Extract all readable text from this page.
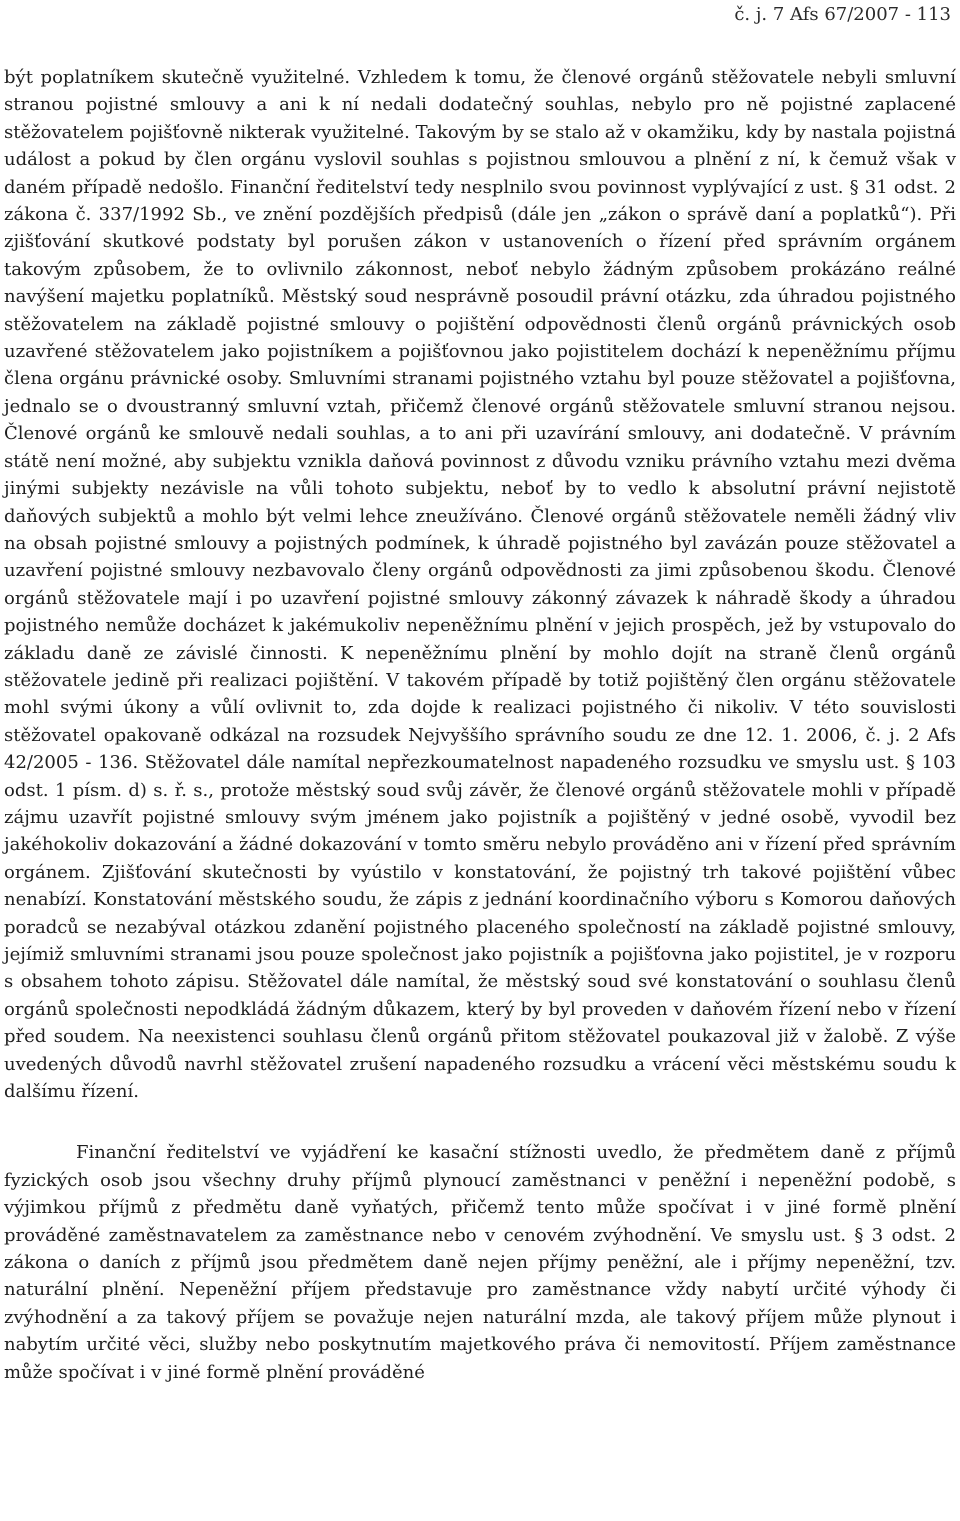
č. j. 7 Afs 67/2007 - 113

být poplatníkem skutečně využitelné. Vzhledem k tomu, že členové orgánů stěžovatele nebyli smluvní stranou pojistné smlouvy a ani k ní nedali dodatečný souhlas, nebylo pro ně pojistné zaplacené stěžovatelem pojišťovně nikterak využitelné. Takovým by se stalo až v okamžiku, kdy by nastala pojistná událost a pokud by člen orgánu vyslovil souhlas s pojistnou smlouvou a plnění z ní, k čemuž však v daném případě nedošlo. Finanční ředitelství tedy nesplnilo svou povinnost vyplývající z ust. § 31 odst. 2 zákona č. 337/1992 Sb., ve znění pozdějších předpisů (dále jen „zákon o správě daní a poplatků“). Při zjišťování skutkové podstaty byl porušen zákon v ustanoveních o řízení před správním orgánem takovým způsobem, že to ovlivnilo zákonnost, neboť nebylo žádným způsobem prokázáno reálné navýšení majetku poplatníků. Městský soud nesprávně posoudil právní otázku, zda úhradou pojistného stěžovatelem na základě pojistné smlouvy o pojištění odpovědnosti členů orgánů právnických osob uzavřené stěžovatelem jako pojistníkem a pojišťovnou jako pojistitelem dochází k nepeněžnímu příjmu člena orgánu právnické osoby. Smluvními stranami pojistného vztahu byl pouze stěžovatel a pojišťovna, jednalo se o dvoustranný smluvní vztah, přičemž členové orgánů stěžovatele smluvní stranou nejsou. Členové orgánů ke smlouvě nedali souhlas, a to ani při uzavírání smlouvy, ani dodatečně. V právním státě není možné, aby subjektu vznikla daňová povinnost z důvodu vzniku právního vztahu mezi dvěma jinými subjekty nezávisle na vůli tohoto subjektu, neboť by to vedlo k absolutní právní nejistotě daňových subjektů a mohlo být velmi lehce zneužíváno. Členové orgánů stěžovatele neměli žádný vliv na obsah pojistné smlouvy a pojistných podmínek, k úhradě pojistného byl zavázán pouze stěžovatel a uzavření pojistné smlouvy nezbavovalo členy orgánů odpovědnosti za jimi způsobenou škodu. Členové orgánů stěžovatele mají i po uzavření pojistné smlouvy zákonný závazek k náhradě škody a úhradou pojistného nemůže docházet k jakémukoliv nepeněžnímu plnění v jejich prospěch, jež by vstupovalo do základu daně ze závislé činnosti. K nepeněžnímu plnění by mohlo dojít na straně členů orgánů stěžovatele jedině při realizaci pojištění. V takovém případě by totiž pojištěný člen orgánu stěžovatele mohl svými úkony a vůlí ovlivnit to, zda dojde k realizaci pojistného či nikoliv. V této souvislosti stěžovatel opakovaně odkázal na rozsudek Nejvyššího správního soudu ze dne 12. 1. 2006, č. j. 2 Afs 42/2005 - 136. Stěžovatel dále namítal nepřezkoumatelnost napadeného rozsudku ve smyslu ust. § 103 odst. 1 písm. d) s. ř. s., protože městský soud svůj závěr, že členové orgánů stěžovatele mohli v případě zájmu uzavřít pojistné smlouvy svým jménem jako pojistník a pojištěný v jedné osobě, vyvodil bez jakéhokoliv dokazování a žádné dokazování v tomto směru nebylo prováděno ani v řízení před správním orgánem. Zjišťování skutečnosti by vyústilo v konstatování, že pojistný trh takové pojištění vůbec nenabízí. Konstatování městského soudu, že zápis z jednání koordinačního výboru s Komorou daňových poradců se nezabýval otázkou zdanění pojistného placeného společností na základě pojistné smlouvy, jejímiž smluvními stranami jsou pouze společnost jako pojistník a pojišťovna jako pojistitel, je v rozporu s obsahem tohoto zápisu. Stěžovatel dále namítal, že městský soud své konstatování o souhlasu členů orgánů společnosti nepodkládá žádným důkazem, který by byl proveden v daňovém řízení nebo v řízení před soudem. Na neexistenci souhlasu členů orgánů přitom stěžovatel poukazoval již v žalobě. Z výše uvedených důvodů navrhl stěžovatel zrušení napadeného rozsudku a vrácení věci městskému soudu k dalšímu řízení.

Finanční ředitelství ve vyjádření ke kasační stížnosti uvedlo, že předmětem daně z příjmů fyzických osob jsou všechny druhy příjmů plynoucí zaměstnanci v peněžní i nepeněžní podobě, s výjimkou příjmů z předmětu daně vyňatých, přičemž tento může spočívat i v jiné formě plnění prováděné zaměstnavatelem za zaměstnance nebo v cenovém zvýhodnění. Ve smyslu ust. § 3 odst. 2 zákona o daních z příjmů jsou předmětem daně nejen příjmy peněžní, ale i příjmy nepeněžní, tzv. naturální plnění. Nepeněžní příjem představuje pro zaměstnance vždy nabytí určité výhody či zvýhodnění a za takový příjem se považuje nejen naturální mzda, ale takový příjem může plynout i nabytím určité věci, služby nebo poskytnutím majetkového práva či nemovitostí. Příjem zaměstnance může spočívat i v jiné formě plnění prováděné
